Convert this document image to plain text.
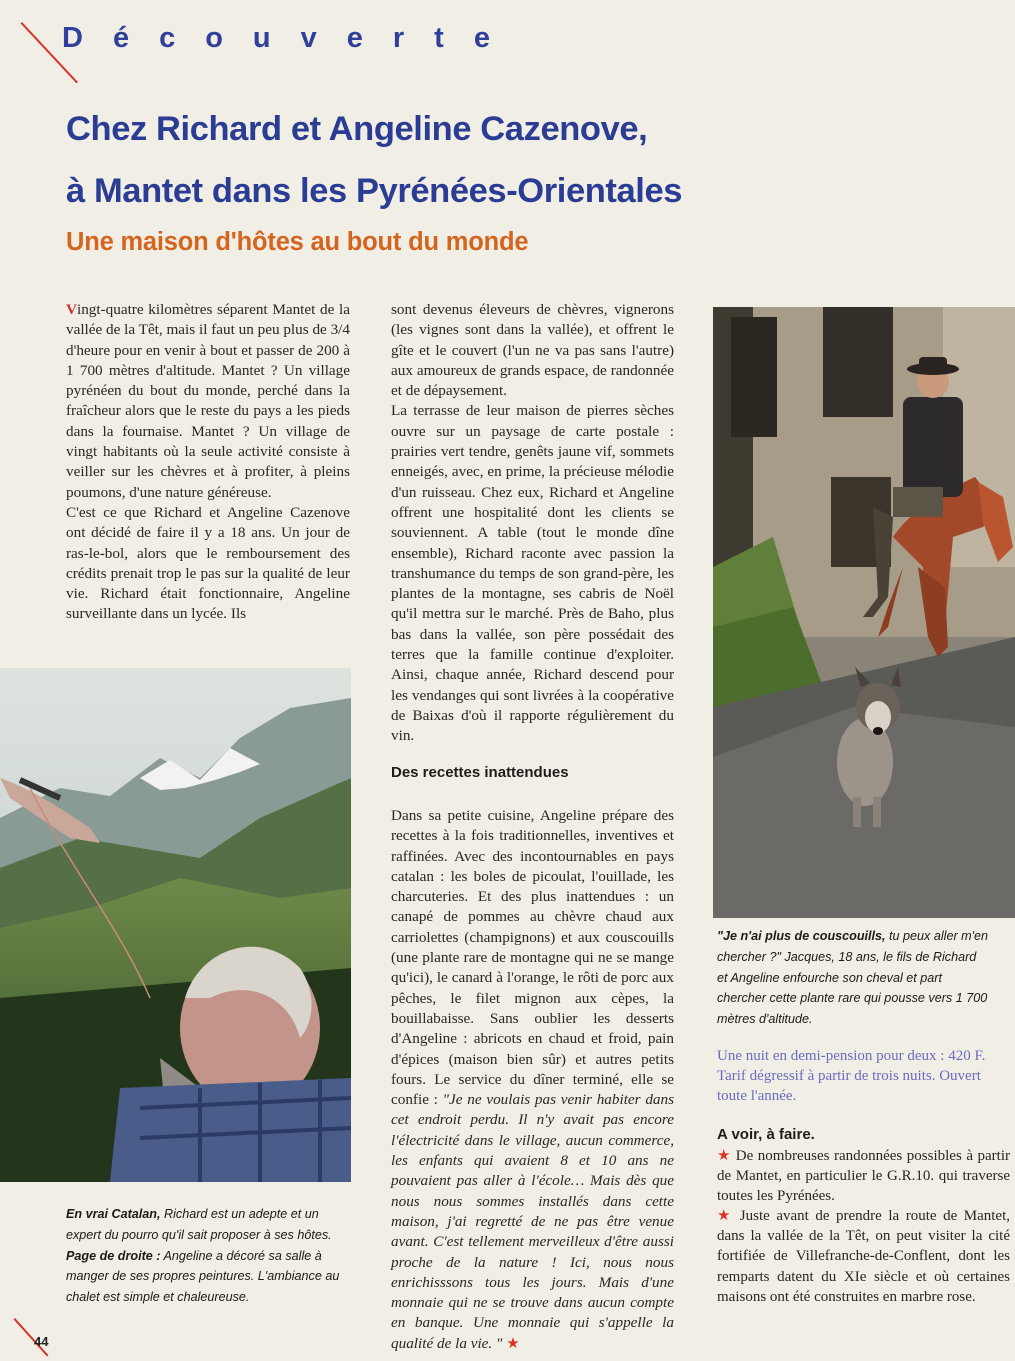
Découverte
Chez Richard et Angeline Cazenove,
à Mantet dans les Pyrénées-Orientales
Une maison d'hôtes au bout du monde

Vingt-quatre kilomètres séparent Mantet de la vallée de la Têt, mais il faut un peu plus de 3/4 d'heure pour en venir à bout et passer de 200 à 1 700 mètres d'altitude. Mantet ? Un village pyrénéen du bout du monde, perché dans la fraîcheur alors que le reste du pays a les pieds dans la fournaise. Mantet ? Un village de vingt habitants où la seule activité consiste à veiller sur les chèvres et à profiter, à pleins poumons, d'une nature généreuse.

C'est ce que Richard et Angeline Cazenove ont décidé de faire il y a 18 ans. Un jour de ras-le-bol, alors que le remboursement des crédits prenait trop le pas sur la qualité de leur vie. Richard était fonctionnaire, Angeline surveillante dans un lycée. Ils

En vrai Catalan, Richard est un adepte et un expert du pourro qu'il sait proposer à ses hôtes.
Page de droite : Angeline a décoré sa salle à manger de ses propres peintures. L'ambiance au chalet est simple et chaleureuse.

sont devenus éleveurs de chèvres, vignerons (les vignes sont dans la vallée), et offrent le gîte et le couvert (l'un ne va pas sans l'autre) aux amoureux de grands espace, de randonnée et de dépaysement.

La terrasse de leur maison de pierres sèches ouvre sur un paysage de carte postale : prairies vert tendre, genêts jaune vif, sommets enneigés, avec, en prime, la précieuse mélodie d'un ruisseau. Chez eux, Richard et Angeline offrent une hospitalité dont les clients se souviennent. A table (tout le monde dîne ensemble), Richard raconte avec passion la transhumance du temps de son grand-père, les plantes de la montagne, ses cabris de Noël qu'il mettra sur le marché. Près de Baho, plus bas dans la vallée, son père possédait des terres que la famille continue d'exploiter. Ainsi, chaque année, Richard descend pour les vendanges qui sont livrées à la coopérative de Baixas d'où il rapporte régulièrement du vin.

Des recettes inattendues

Dans sa petite cuisine, Angeline prépare des recettes à la fois traditionnelles, inventives et raffinées. Avec des incontournables en pays catalan : les boles de picoulat, l'ouillade, les charcuteries. Et des plus inattendues : un canapé de pommes au chèvre chaud aux carriolettes (champignons) et aux couscouills (une plante rare de montagne qui ne se mange qu'ici), le canard à l'orange, le rôti de porc aux pêches, le filet mignon aux cèpes, la bouillabaisse. Sans oublier les desserts d'Angeline : abricots en chaud et froid, pain d'épices (maison bien sûr) et autres petits fours. Le service du dîner terminé, elle se confie : "Je ne voulais pas venir habiter dans cet endroit perdu. Il n'y avait pas encore l'électricité dans le village, aucun commerce, les enfants qui avaient 8 et 10 ans ne pouvaient pas aller à l'école… Mais dès que nous nous sommes installés dans cette maison, j'ai regretté de ne pas être venue avant. C'est tellement merveilleux d'être aussi proche de la nature ! Ici, nous nous enrichisssons tous les jours. Mais d'une monnaie qui ne se trouve dans aucun compte en banque. Une monnaie qui s'appelle la qualité de la vie. " ★

"Je n'ai plus de couscouills, tu peux aller m'en chercher ?" Jacques, 18 ans, le fils de Richard et Angeline enfourche son cheval et part chercher cette plante rare qui pousse vers 1 700 mètres d'altitude.
Une nuit en demi-pension pour deux : 420 F. Tarif dégressif à partir de trois nuits. Ouvert toute l'année.
A voir, à faire.

★ De nombreuses randonnées possibles à partir de Mantet, en particulier le G.R.10. qui traverse toutes les Pyrénées.

★ Juste avant de prendre la route de Mantet, dans la vallée de la Têt, on peut visiter la cité fortifiée de Villefranche-de-Conflent, dont les remparts datent du XIe siècle et où certaines maisons ont été construites en marbre rose.

44
